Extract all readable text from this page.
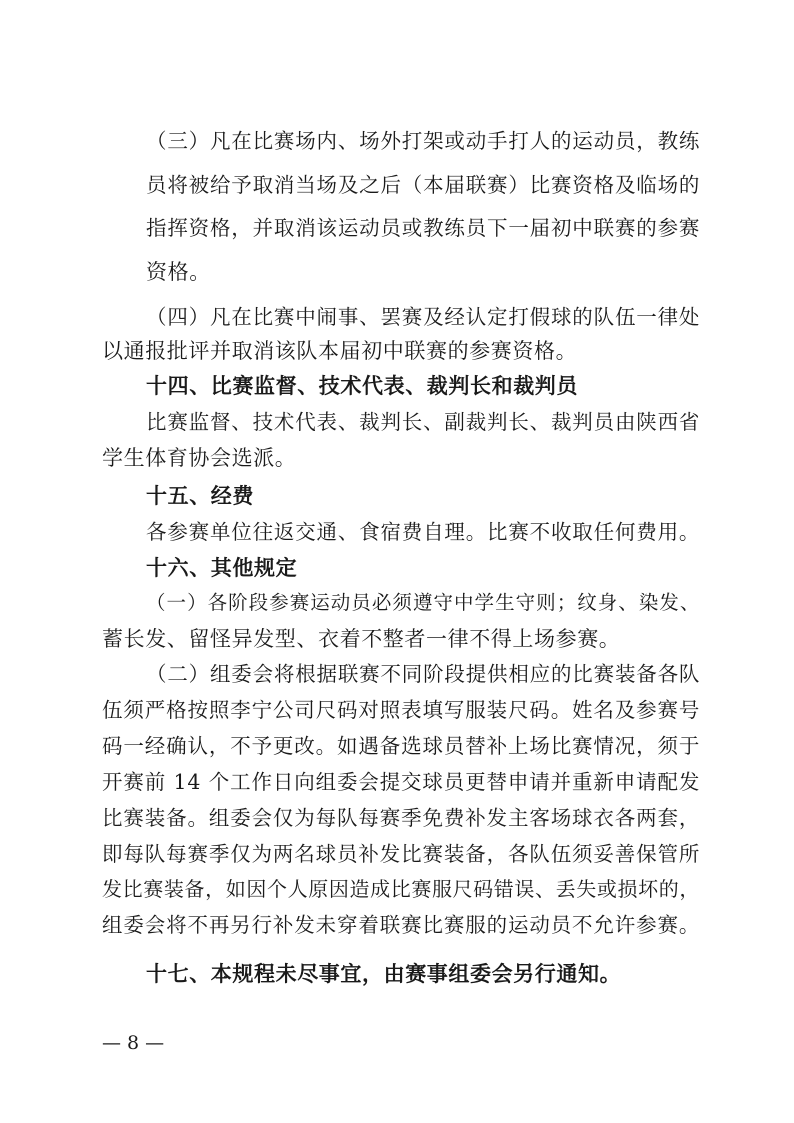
（三）凡在比赛场内、场外打架或动手打人的运动员，教练
员将被给予取消当场及之后（本届联赛）比赛资格及临场的
指挥资格，并取消该运动员或教练员下一届初中联赛的参赛
资格。
（四）凡在比赛中闹事、罢赛及经认定打假球的队伍一律处
以通报批评并取消该队本届初中联赛的参赛资格。
十四、比赛监督、技术代表、裁判长和裁判员
比赛监督、技术代表、裁判长、副裁判长、裁判员由陕西省
学生体育协会选派。
十五、经费
各参赛单位往返交通、食宿费自理。比赛不收取任何费用。
十六、其他规定
（一）各阶段参赛运动员必须遵守中学生守则；纹身、染发、
蓄长发、留怪异发型、衣着不整者一律不得上场参赛。
（二）组委会将根据联赛不同阶段提供相应的比赛装备各队
伍须严格按照李宁公司尺码对照表填写服装尺码。姓名及参赛号
码一经确认，不予更改。如遇备选球员替补上场比赛情况，须于
开赛前 14 个工作日向组委会提交球员更替申请并重新申请配发
比赛装备。组委会仅为每队每赛季免费补发主客场球衣各两套，
即每队每赛季仅为两名球员补发比赛装备，各队伍须妥善保管所
发比赛装备，如因个人原因造成比赛服尺码错误、丢失或损坏的，
组委会将不再另行补发未穿着联赛比赛服的运动员不允许参赛。
十七、本规程未尽事宜，由赛事组委会另行通知。
— 8 —
